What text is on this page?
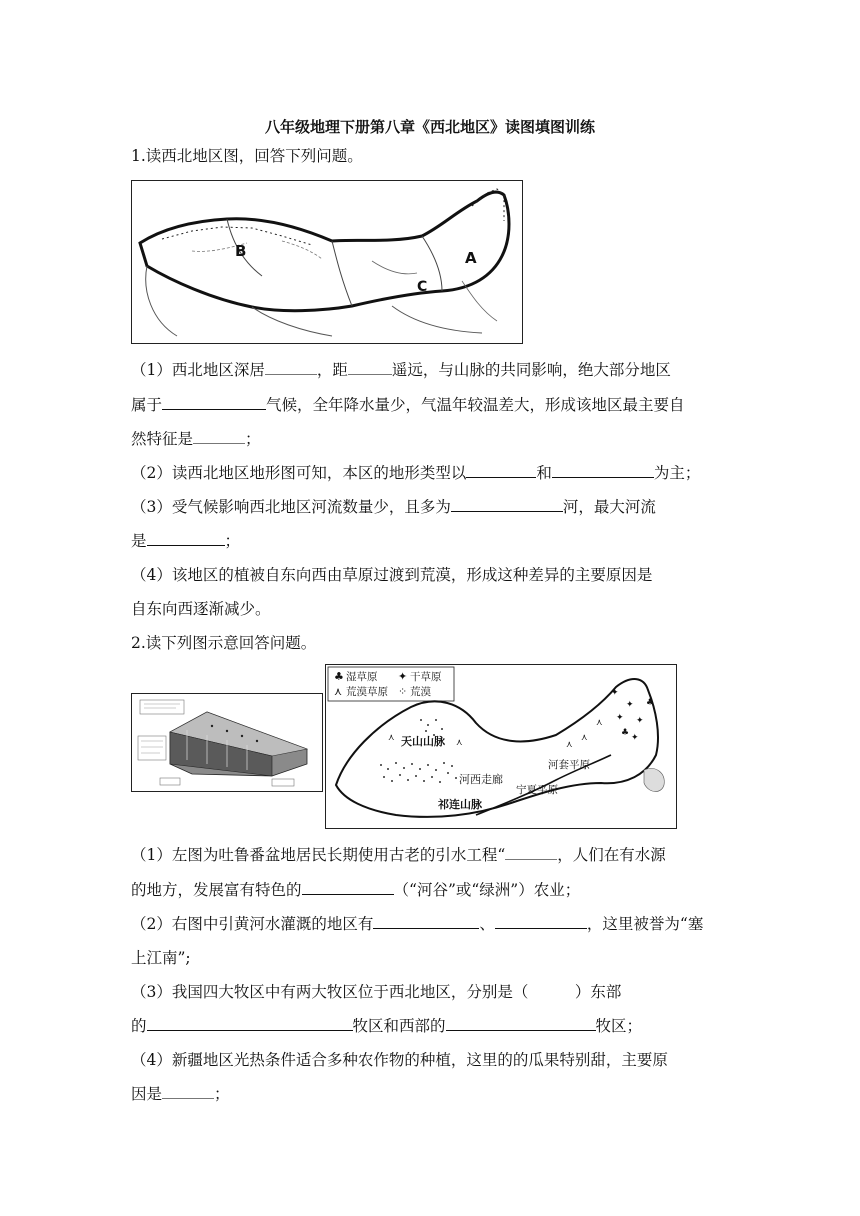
八年级地理下册第八章《西北地区》读图填图训练
1.读西北地区图，回答下列问题。
B	A
C
（1）西北地区深居	，距	遥远，与山脉的共同影响，绝大部分地区
属于	气候，全年降水量少，气温年较温差大，形成该地区最主要自
然特征是	；
（2）读西北地区地形图可知，本区的地形类型以	和	为主；
（3）受气候影响西北地区河流数量少，且多为	河，最大河流
是	；
（4）该地区的植被自东向西由草原过渡到荒漠，形成这种差异的主要原因是
自东向西逐渐减少。
2.读下列图示意回答问题。
♣ 湿草原 ✦ 干草原
⋏ 荒漠草原 ⁘ 荒漠	✦
✦
✦ ✦
✦
♣
♣
⋏
⋏
⋏
⋏	⋏
天山山脉
河西走廊
祁连山脉
宁夏平原
河套平原
（1）左图为吐鲁番盆地居民长期使用古老的引水工程“	，人们在有水源
的地方，发展富有特色的	（“河谷”或“绿洲”）农业；
（2）右图中引黄河水灌溉的地区有	、	，这里被誉为“塞
上江南”;
（3）我国四大牧区中有两大牧区位于西北地区，分别是（　　　）东部
的	牧区和西部的	牧区；
（4）新疆地区光热条件适合多种农作物的种植，这里的的瓜果特别甜，主要原
因是	；
